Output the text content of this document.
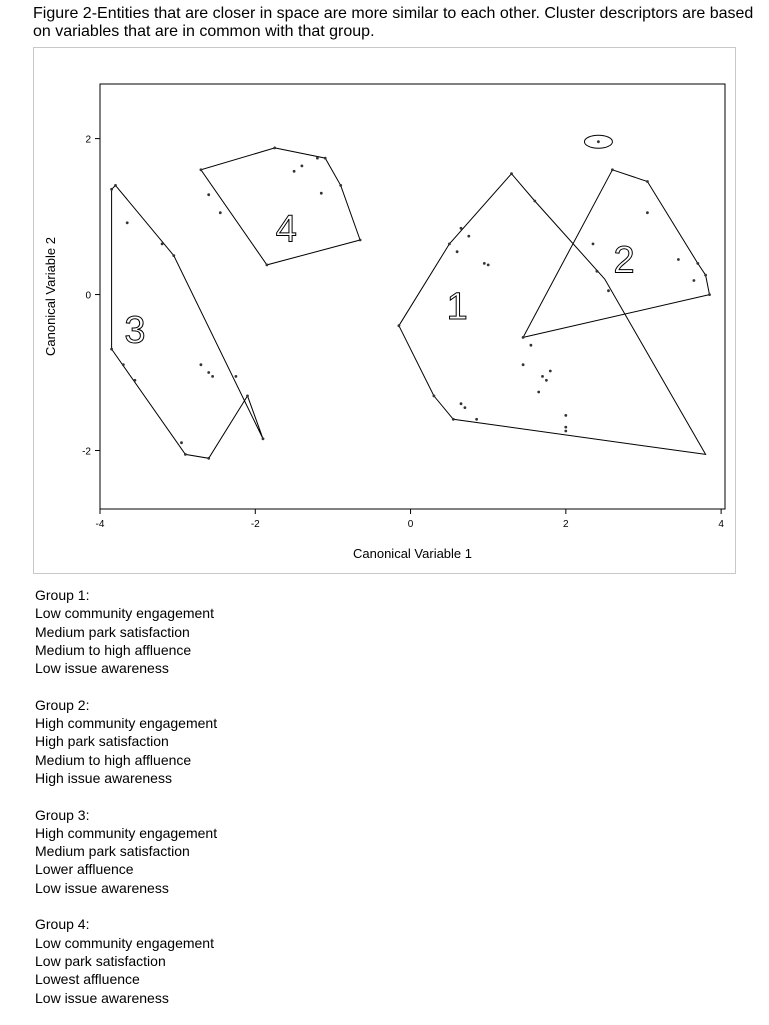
Figure 2-Entities that are closer in space are more similar to each other. Cluster descriptors are based on variables that are in common with that group.

-4	-2	0	2	4
-2
0
2
Canonical Variable 1
Canonical Variable 2	1
2
3
4
Group 1:
Low community engagement
Medium park satisfaction
Medium to high affluence
Low issue awareness
Group 2:
High community engagement
High park satisfaction
Medium to high affluence
High issue awareness
Group 3:
High community engagement
Medium park satisfaction
Lower affluence
Low issue awareness
Group 4:
Low community engagement
Low park satisfaction
Lowest affluence
Low issue awareness
